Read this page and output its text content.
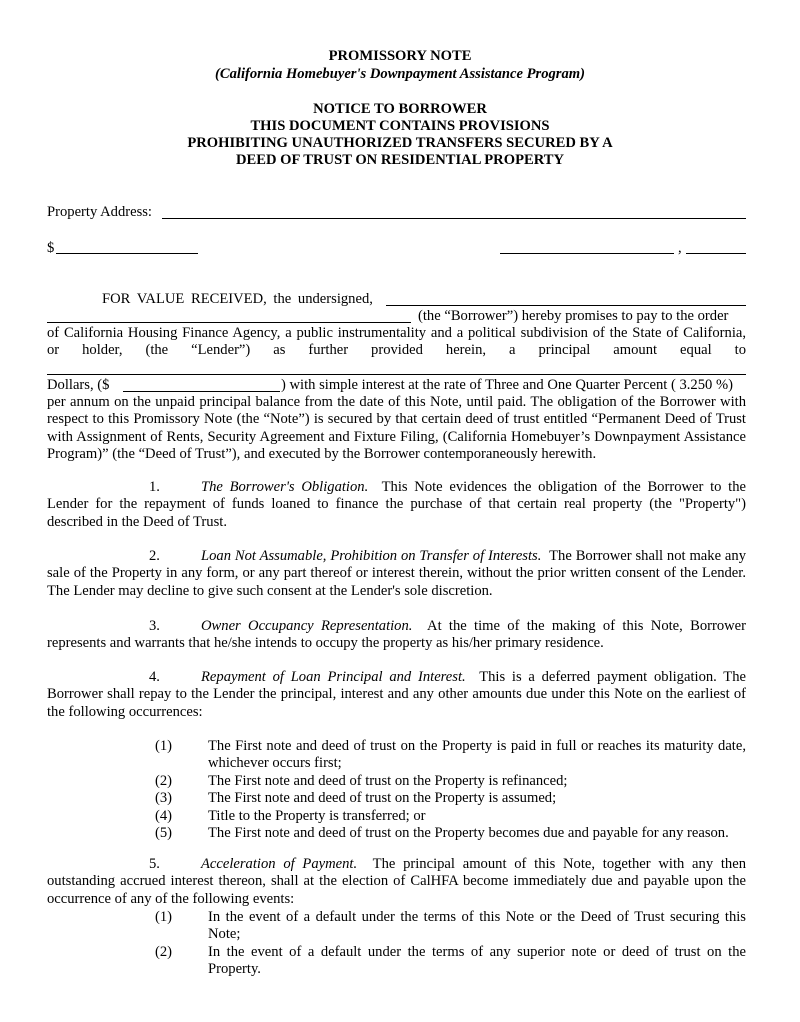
PROMISSORY NOTE
(California Homebuyer's Downpayment Assistance Program)
NOTICE TO BORROWER
THIS DOCUMENT CONTAINS PROVISIONS
PROHIBITING UNAUTHORIZED TRANSFERS SECURED BY A
DEED OF TRUST ON RESIDENTIAL PROPERTY
Property Address:
$	,
FOR VALUE RECEIVED, the undersigned,
(the “Borrower”) hereby promises to pay to the order
of California Housing Finance Agency, a public instrumentality and a political subdivision of the State of California,
or holder, (the “Lender”) as further provided herein, a principal amount equal to
Dollars, ($	) with simple interest at the rate of Three and One Quarter Percent ( 3.250 %)
per annum on the unpaid principal balance from the date of this Note, until paid. The obligation of the Borrower with respect to this Promissory Note (the “Note”) is secured by that certain deed of trust entitled “Permanent Deed of Trust with Assignment of Rents, Security Agreement and Fixture Filing, (California Homebuyer’s Downpayment Assistance Program)” (the “Deed of Trust”), and executed by the Borrower contemporaneously herewith.
1.	The Borrower's Obligation. This Note evidences the obligation of the Borrower to the Lender for the repayment of funds loaned to finance the purchase of that certain real property (the "Property") described in the Deed of Trust.
2.	Loan Not Assumable, Prohibition on Transfer of Interests. The Borrower shall not make any sale of the Property in any form, or any part thereof or interest therein, without the prior written consent of the Lender. The Lender may decline to give such consent at the Lender's sole discretion.
3.	Owner Occupancy Representation. At the time of the making of this Note, Borrower represents and warrants that he/she intends to occupy the property as his/her primary residence.
4.	Repayment of Loan Principal and Interest. This is a deferred payment obligation. The Borrower shall repay to the Lender the principal, interest and any other amounts due under this Note on the earliest of the following occurrences:
(1) The First note and deed of trust on the Property is paid in full or reaches its maturity date, whichever occurs first;
(2) The First note and deed of trust on the Property is refinanced;
(3) The First note and deed of trust on the Property is assumed;
(4) Title to the Property is transferred; or
(5) The First note and deed of trust on the Property becomes due and payable for any reason.
5.	Acceleration of Payment. The principal amount of this Note, together with any then outstanding accrued interest thereon, shall at the election of CalHFA become immediately due and payable upon the occurrence of any of the following events:
(1) In the event of a default under the terms of this Note or the Deed of Trust securing this Note;
(2) In the event of a default under the terms of any superior note or deed of trust on the Property.
